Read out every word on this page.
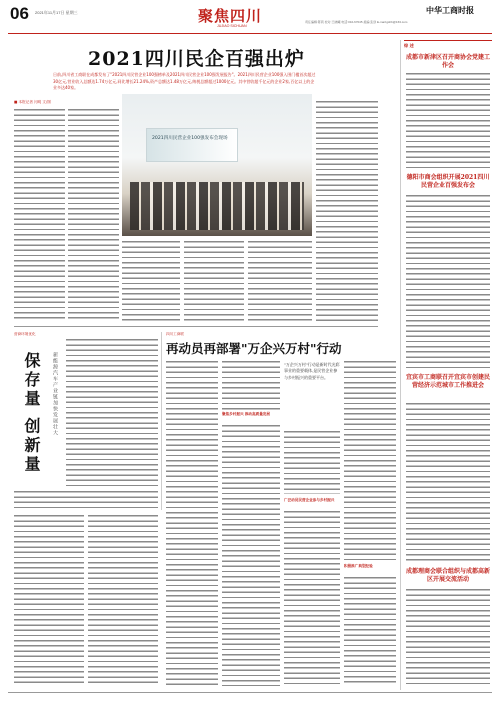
06 2021年11月17日 星期三	聚焦四川
JUJIAO SICHUAN
中华工商时报
责任编辑:陈莉 校对:王晓曦 电话:010-67045 美编:张剑 E-mail:gshb@163.com
2021四川民企百强出炉
日前,四川省工商联在成都发布了"2021四川民营企业100强榜单及2021四川民营企业100强发展报告"。2021四川民营企业100强入围门槛首次超过30亿元,营业收入总额达1.74万亿元,同比增长21.24%,资产总额达1.48万亿元,纳税总额超过1000亿元。其中营收超千亿元的企业2家,百亿以上的企业多达40家。
■ 本报记者 闫明 文/图
2021四川民营企业100强发布会现场
营商环境优化
保存量 创新量	新能源汽车产业链加快发展壮大
四川工商联
再动员再部署"万企兴万村"行动
聚焦乡村振兴 推动高质量发展
"万企兴万村"行动是新时代光彩事业的重要载体,是民营企业参与乡村振兴的重要平台。
广泛动员民营企业参与乡村振兴
积极推广典型经验
综 述
成都市新津区召开商协会党建工作会
德阳市商会组织开展2021四川民营企业百强发布会
宜宾市工商联召开宜宾市创建民营经济示范城市工作推进会
成都理商会联合组织与成都高新区开展交流活动
